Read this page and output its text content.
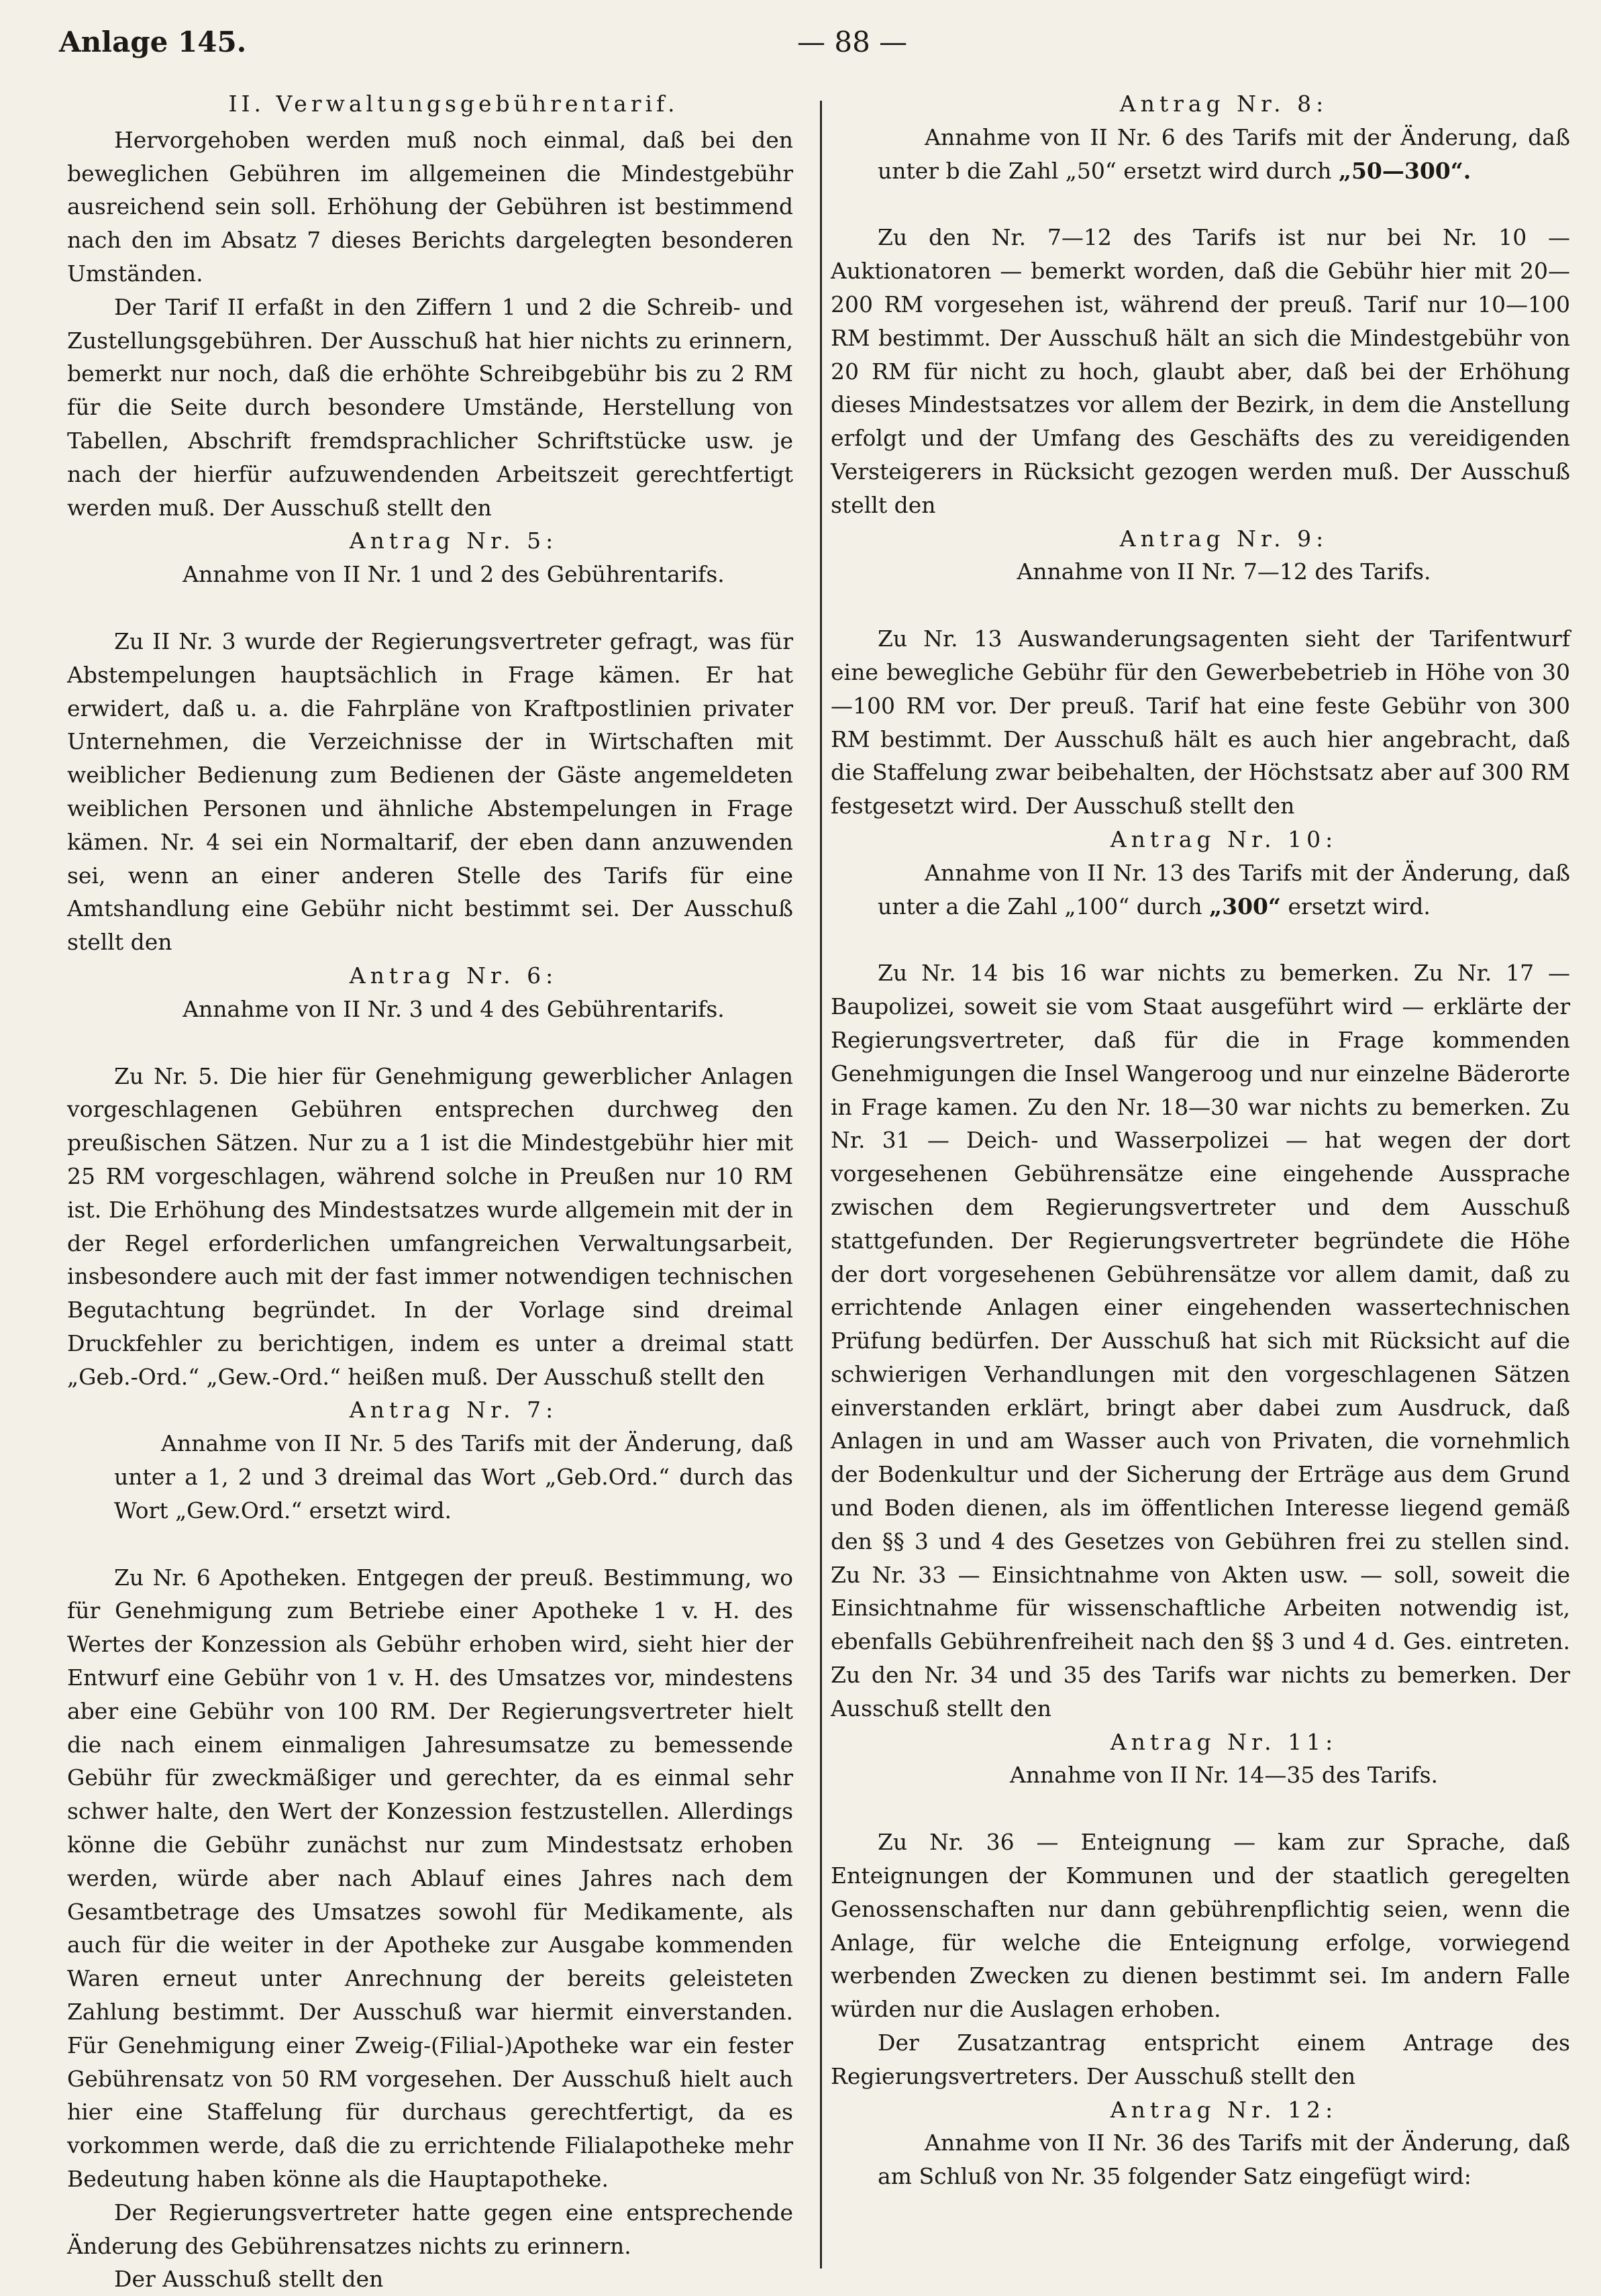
Anlage 145.	— 88 —

II. Verwaltungsgebührentarif.

Hervorgehoben werden muß noch einmal, daß bei den beweglichen Gebühren im allgemeinen die Mindestgebühr ausreichend sein soll. Erhöhung der Gebühren ist bestimmend nach den im Absatz 7 dieses Berichts dargelegten besonderen Umständen.

Der Tarif II erfaßt in den Ziffern 1 und 2 die Schreib- und Zustellungsgebühren. Der Ausschuß hat hier nichts zu erinnern, bemerkt nur noch, daß die erhöhte Schreibgebühr bis zu 2 RM für die Seite durch besondere Umstände, Herstellung von Tabellen, Abschrift fremdsprachlicher Schriftstücke usw. je nach der hierfür aufzuwendenden Arbeitszeit gerechtfertigt werden muß. Der Ausschuß stellt den

Antrag Nr. 5:

Annahme von II Nr. 1 und 2 des Gebührentarifs.

Zu II Nr. 3 wurde der Regierungsvertreter gefragt, was für Abstempelungen hauptsächlich in Frage kämen. Er hat erwidert, daß u. a. die Fahrpläne von Kraftpostlinien privater Unternehmen, die Verzeichnisse der in Wirtschaften mit weiblicher Bedienung zum Bedienen der Gäste angemeldeten weiblichen Personen und ähnliche Abstempelungen in Frage kämen. Nr. 4 sei ein Normaltarif, der eben dann anzuwenden sei, wenn an einer anderen Stelle des Tarifs für eine Amtshandlung eine Gebühr nicht bestimmt sei. Der Ausschuß stellt den

Antrag Nr. 6:

Annahme von II Nr. 3 und 4 des Gebührentarifs.

Zu Nr. 5. Die hier für Genehmigung gewerblicher Anlagen vorgeschlagenen Gebühren entsprechen durchweg den preußischen Sätzen. Nur zu a 1 ist die Mindestgebühr hier mit 25 RM vorgeschlagen, während solche in Preußen nur 10 RM ist. Die Erhöhung des Mindestsatzes wurde allgemein mit der in der Regel erforderlichen umfangreichen Verwaltungsarbeit, insbesondere auch mit der fast immer notwendigen technischen Begutachtung begründet. In der Vorlage sind dreimal Druckfehler zu berichtigen, indem es unter a dreimal statt „Geb.-Ord.“ „Gew.-Ord.“ heißen muß. Der Ausschuß stellt den

Antrag Nr. 7:

Annahme von II Nr. 5 des Tarifs mit der Änderung, daß unter a 1, 2 und 3 dreimal das Wort „Geb.Ord.“ durch das Wort „Gew.Ord.“ ersetzt wird.

Zu Nr. 6 Apotheken. Entgegen der preuß. Bestimmung, wo für Genehmigung zum Betriebe einer Apotheke 1 v. H. des Wertes der Konzession als Gebühr erhoben wird, sieht hier der Entwurf eine Gebühr von 1 v. H. des Umsatzes vor, mindestens aber eine Gebühr von 100 RM. Der Regierungsvertreter hielt die nach einem einmaligen Jahresumsatze zu bemessende Gebühr für zweckmäßiger und gerechter, da es einmal sehr schwer halte, den Wert der Konzession festzustellen. Allerdings könne die Gebühr zunächst nur zum Mindestsatz erhoben werden, würde aber nach Ablauf eines Jahres nach dem Gesamtbetrage des Umsatzes sowohl für Medikamente, als auch für die weiter in der Apotheke zur Ausgabe kommenden Waren erneut unter Anrechnung der bereits geleisteten Zahlung bestimmt. Der Ausschuß war hiermit einverstanden. Für Genehmigung einer Zweig-(Filial-)Apotheke war ein fester Gebührensatz von 50 RM vorgesehen. Der Ausschuß hielt auch hier eine Staffelung für durchaus gerechtfertigt, da es vorkommen werde, daß die zu errichtende Filialapotheke mehr Bedeutung haben könne als die Hauptapotheke.

Der Regierungsvertreter hatte gegen eine entsprechende Änderung des Gebührensatzes nichts zu erinnern.

Der Ausschuß stellt den

Antrag Nr. 8:

Annahme von II Nr. 6 des Tarifs mit der Änderung, daß unter b die Zahl „50“ ersetzt wird durch „50—300“.

Zu den Nr. 7—12 des Tarifs ist nur bei Nr. 10 — Auktionatoren — bemerkt worden, daß die Gebühr hier mit 20—200 RM vorgesehen ist, während der preuß. Tarif nur 10—100 RM bestimmt. Der Ausschuß hält an sich die Mindestgebühr von 20 RM für nicht zu hoch, glaubt aber, daß bei der Erhöhung dieses Mindestsatzes vor allem der Bezirk, in dem die Anstellung erfolgt und der Umfang des Geschäfts des zu vereidigenden Versteigerers in Rücksicht gezogen werden muß. Der Ausschuß stellt den

Antrag Nr. 9:

Annahme von II Nr. 7—12 des Tarifs.

Zu Nr. 13 Auswanderungsagenten sieht der Tarifentwurf eine bewegliche Gebühr für den Gewerbebetrieb in Höhe von 30—100 RM vor. Der preuß. Tarif hat eine feste Gebühr von 300 RM bestimmt. Der Ausschuß hält es auch hier angebracht, daß die Staffelung zwar beibehalten, der Höchstsatz aber auf 300 RM festgesetzt wird. Der Ausschuß stellt den

Antrag Nr. 10:

Annahme von II Nr. 13 des Tarifs mit der Änderung, daß unter a die Zahl „100“ durch „300“ ersetzt wird.

Zu Nr. 14 bis 16 war nichts zu bemerken. Zu Nr. 17 — Baupolizei, soweit sie vom Staat ausgeführt wird — erklärte der Regierungsvertreter, daß für die in Frage kommenden Genehmigungen die Insel Wangeroog und nur einzelne Bäderorte in Frage kamen. Zu den Nr. 18—30 war nichts zu bemerken. Zu Nr. 31 — Deich- und Wasserpolizei — hat wegen der dort vorgesehenen Gebührensätze eine eingehende Aussprache zwischen dem Regierungsvertreter und dem Ausschuß stattgefunden. Der Regierungsvertreter begründete die Höhe der dort vorgesehenen Gebührensätze vor allem damit, daß zu errichtende Anlagen einer eingehenden wassertechnischen Prüfung bedürfen. Der Ausschuß hat sich mit Rücksicht auf die schwierigen Verhandlungen mit den vorgeschlagenen Sätzen einverstanden erklärt, bringt aber dabei zum Ausdruck, daß Anlagen in und am Wasser auch von Privaten, die vornehmlich der Bodenkultur und der Sicherung der Erträge aus dem Grund und Boden dienen, als im öffentlichen Interesse liegend gemäß den §§ 3 und 4 des Gesetzes von Gebühren frei zu stellen sind. Zu Nr. 33 — Einsichtnahme von Akten usw. — soll, soweit die Einsichtnahme für wissenschaftliche Arbeiten notwendig ist, ebenfalls Gebührenfreiheit nach den §§ 3 und 4 d. Ges. eintreten. Zu den Nr. 34 und 35 des Tarifs war nichts zu bemerken. Der Ausschuß stellt den

Antrag Nr. 11:

Annahme von II Nr. 14—35 des Tarifs.

Zu Nr. 36 — Enteignung — kam zur Sprache, daß Enteignungen der Kommunen und der staatlich geregelten Genossenschaften nur dann gebührenpflichtig seien, wenn die Anlage, für welche die Enteignung erfolge, vorwiegend werbenden Zwecken zu dienen bestimmt sei. Im andern Falle würden nur die Auslagen erhoben.

Der Zusatzantrag entspricht einem Antrage des Regierungsvertreters. Der Ausschuß stellt den

Antrag Nr. 12:

Annahme von II Nr. 36 des Tarifs mit der Änderung, daß am Schluß von Nr. 35 folgender Satz eingefügt wird:
